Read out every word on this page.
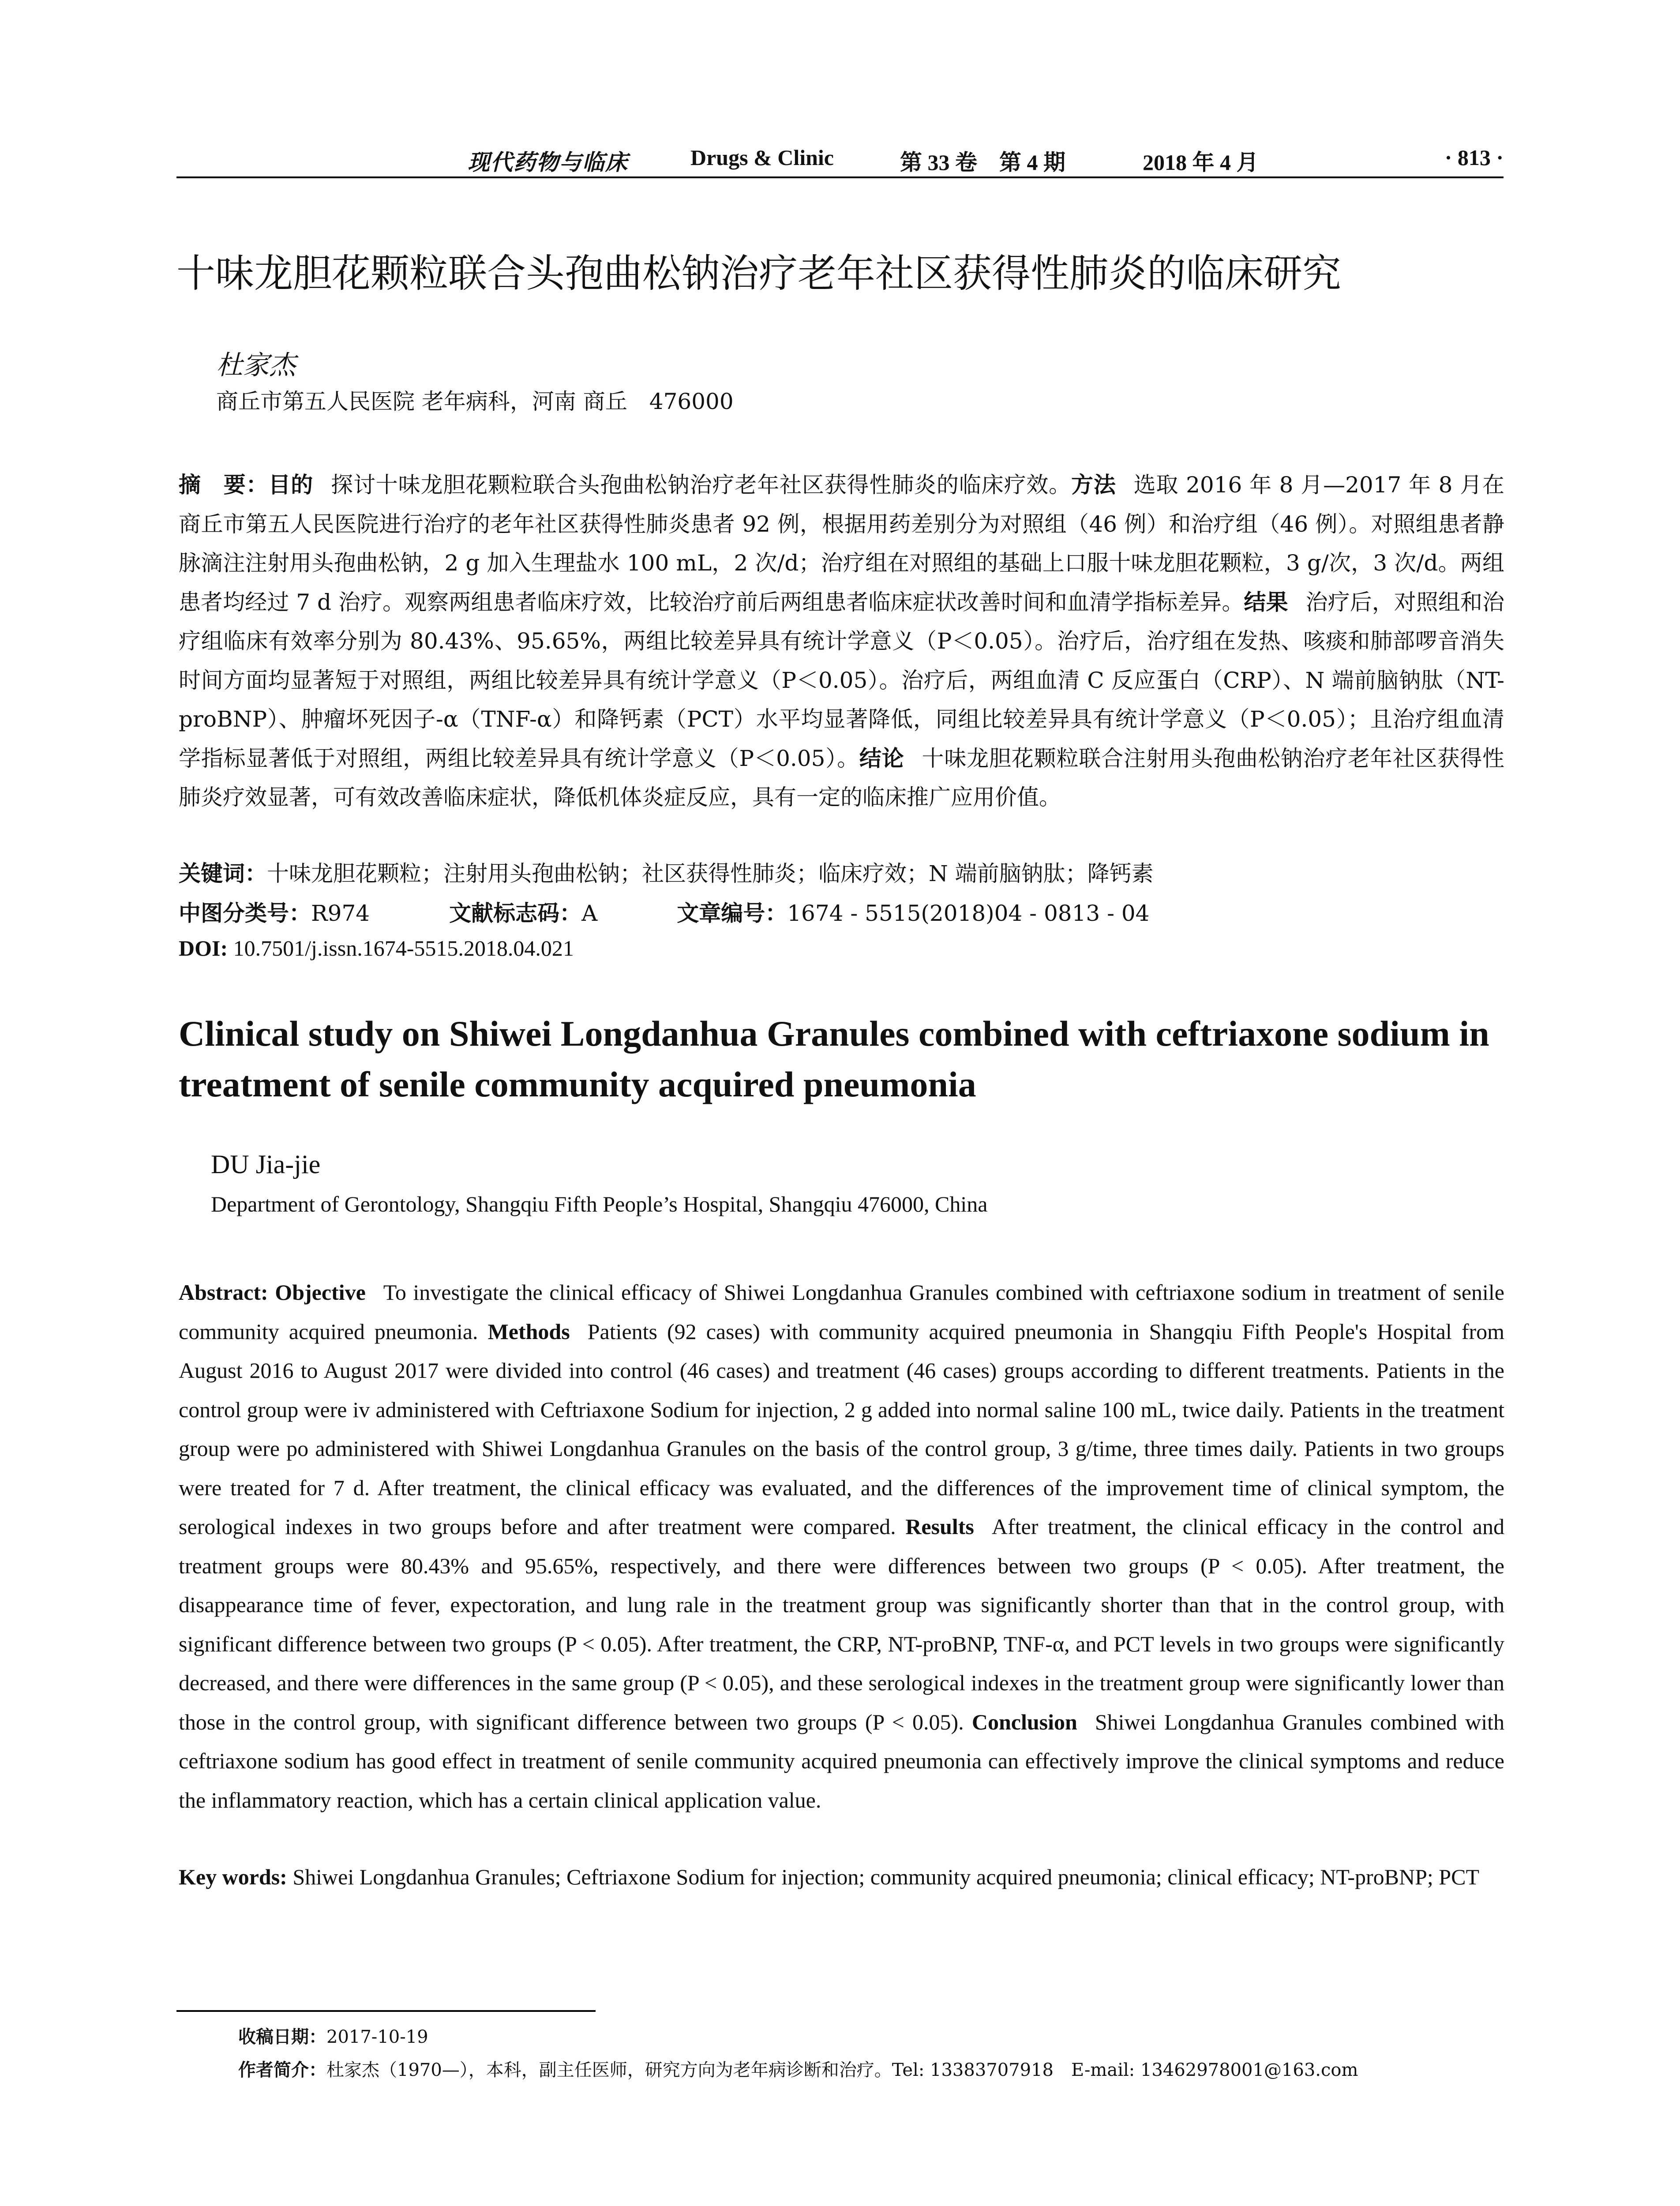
现代药物与临床	Drugs & Clinic	第 33 卷　第 4 期	2018 年 4 月	· 813 ·
十味龙胆花颗粒联合头孢曲松钠治疗老年社区获得性肺炎的临床研究
杜家杰
商丘市第五人民医院 老年病科，河南 商丘　476000
摘　要：目的 探讨十味龙胆花颗粒联合头孢曲松钠治疗老年社区获得性肺炎的临床疗效。方法 选取 2016 年 8 月—2017 年 8 月在商丘市第五人民医院进行治疗的老年社区获得性肺炎患者 92 例，根据用药差别分为对照组（46 例）和治疗组（46 例）。对照组患者静脉滴注注射用头孢曲松钠，2 g 加入生理盐水 100 mL，2 次/d；治疗组在对照组的基础上口服十味龙胆花颗粒，3 g/次，3 次/d。两组患者均经过 7 d 治疗。观察两组患者临床疗效，比较治疗前后两组患者临床症状改善时间和血清学指标差异。结果 治疗后，对照组和治疗组临床有效率分别为 80.43%、95.65%，两组比较差异具有统计学意义（P＜0.05）。治疗后，治疗组在发热、咳痰和肺部啰音消失时间方面均显著短于对照组，两组比较差异具有统计学意义（P＜0.05）。治疗后，两组血清 C 反应蛋白（CRP）、N 端前脑钠肽（NT-proBNP）、肿瘤坏死因子-α（TNF-α）和降钙素（PCT）水平均显著降低，同组比较差异具有统计学意义（P＜0.05）；且治疗组血清学指标显著低于对照组，两组比较差异具有统计学意义（P＜0.05）。结论 十味龙胆花颗粒联合注射用头孢曲松钠治疗老年社区获得性肺炎疗效显著，可有效改善临床症状，降低机体炎症反应，具有一定的临床推广应用价值。
关键词：十味龙胆花颗粒；注射用头孢曲松钠；社区获得性肺炎；临床疗效；N 端前脑钠肽；降钙素
中图分类号：R974	文献标志码：A	文章编号：1674 - 5515(2018)04 - 0813 - 04
DOI: 10.7501/j.issn.1674-5515.2018.04.021
Clinical study on Shiwei Longdanhua Granules combined with ceftriaxone sodium in treatment of senile community acquired pneumonia
DU Jia-jie
Department of Gerontology, Shangqiu Fifth People’s Hospital, Shangqiu 476000, China
Abstract: Objective To investigate the clinical efficacy of Shiwei Longdanhua Granules combined with ceftriaxone sodium in treatment of senile community acquired pneumonia. Methods Patients (92 cases) with community acquired pneumonia in Shangqiu Fifth People's Hospital from August 2016 to August 2017 were divided into control (46 cases) and treatment (46 cases) groups according to different treatments. Patients in the control group were iv administered with Ceftriaxone Sodium for injection, 2 g added into normal saline 100 mL, twice daily. Patients in the treatment group were po administered with Shiwei Longdanhua Granules on the basis of the control group, 3 g/time, three times daily. Patients in two groups were treated for 7 d. After treatment, the clinical efficacy was evaluated, and the differences of the improvement time of clinical symptom, the serological indexes in two groups before and after treatment were compared. Results After treatment, the clinical efficacy in the control and treatment groups were 80.43% and 95.65%, respectively, and there were differences between two groups (P < 0.05). After treatment, the disappearance time of fever, expectoration, and lung rale in the treatment group was significantly shorter than that in the control group, with significant difference between two groups (P < 0.05). After treatment, the CRP, NT-proBNP, TNF-α, and PCT levels in two groups were significantly decreased, and there were differences in the same group (P < 0.05), and these serological indexes in the treatment group were significantly lower than those in the control group, with significant difference between two groups (P < 0.05). Conclusion Shiwei Longdanhua Granules combined with ceftriaxone sodium has good effect in treatment of senile community acquired pneumonia can effectively improve the clinical symptoms and reduce the inflammatory reaction, which has a certain clinical application value.
Key words: Shiwei Longdanhua Granules; Ceftriaxone Sodium for injection; community acquired pneumonia; clinical efficacy; NT-proBNP; PCT
收稿日期：2017-10-19
作者简介：杜家杰（1970—），本科，副主任医师，研究方向为老年病诊断和治疗。Tel: 13383707918　E-mail: 13462978001@163.com
